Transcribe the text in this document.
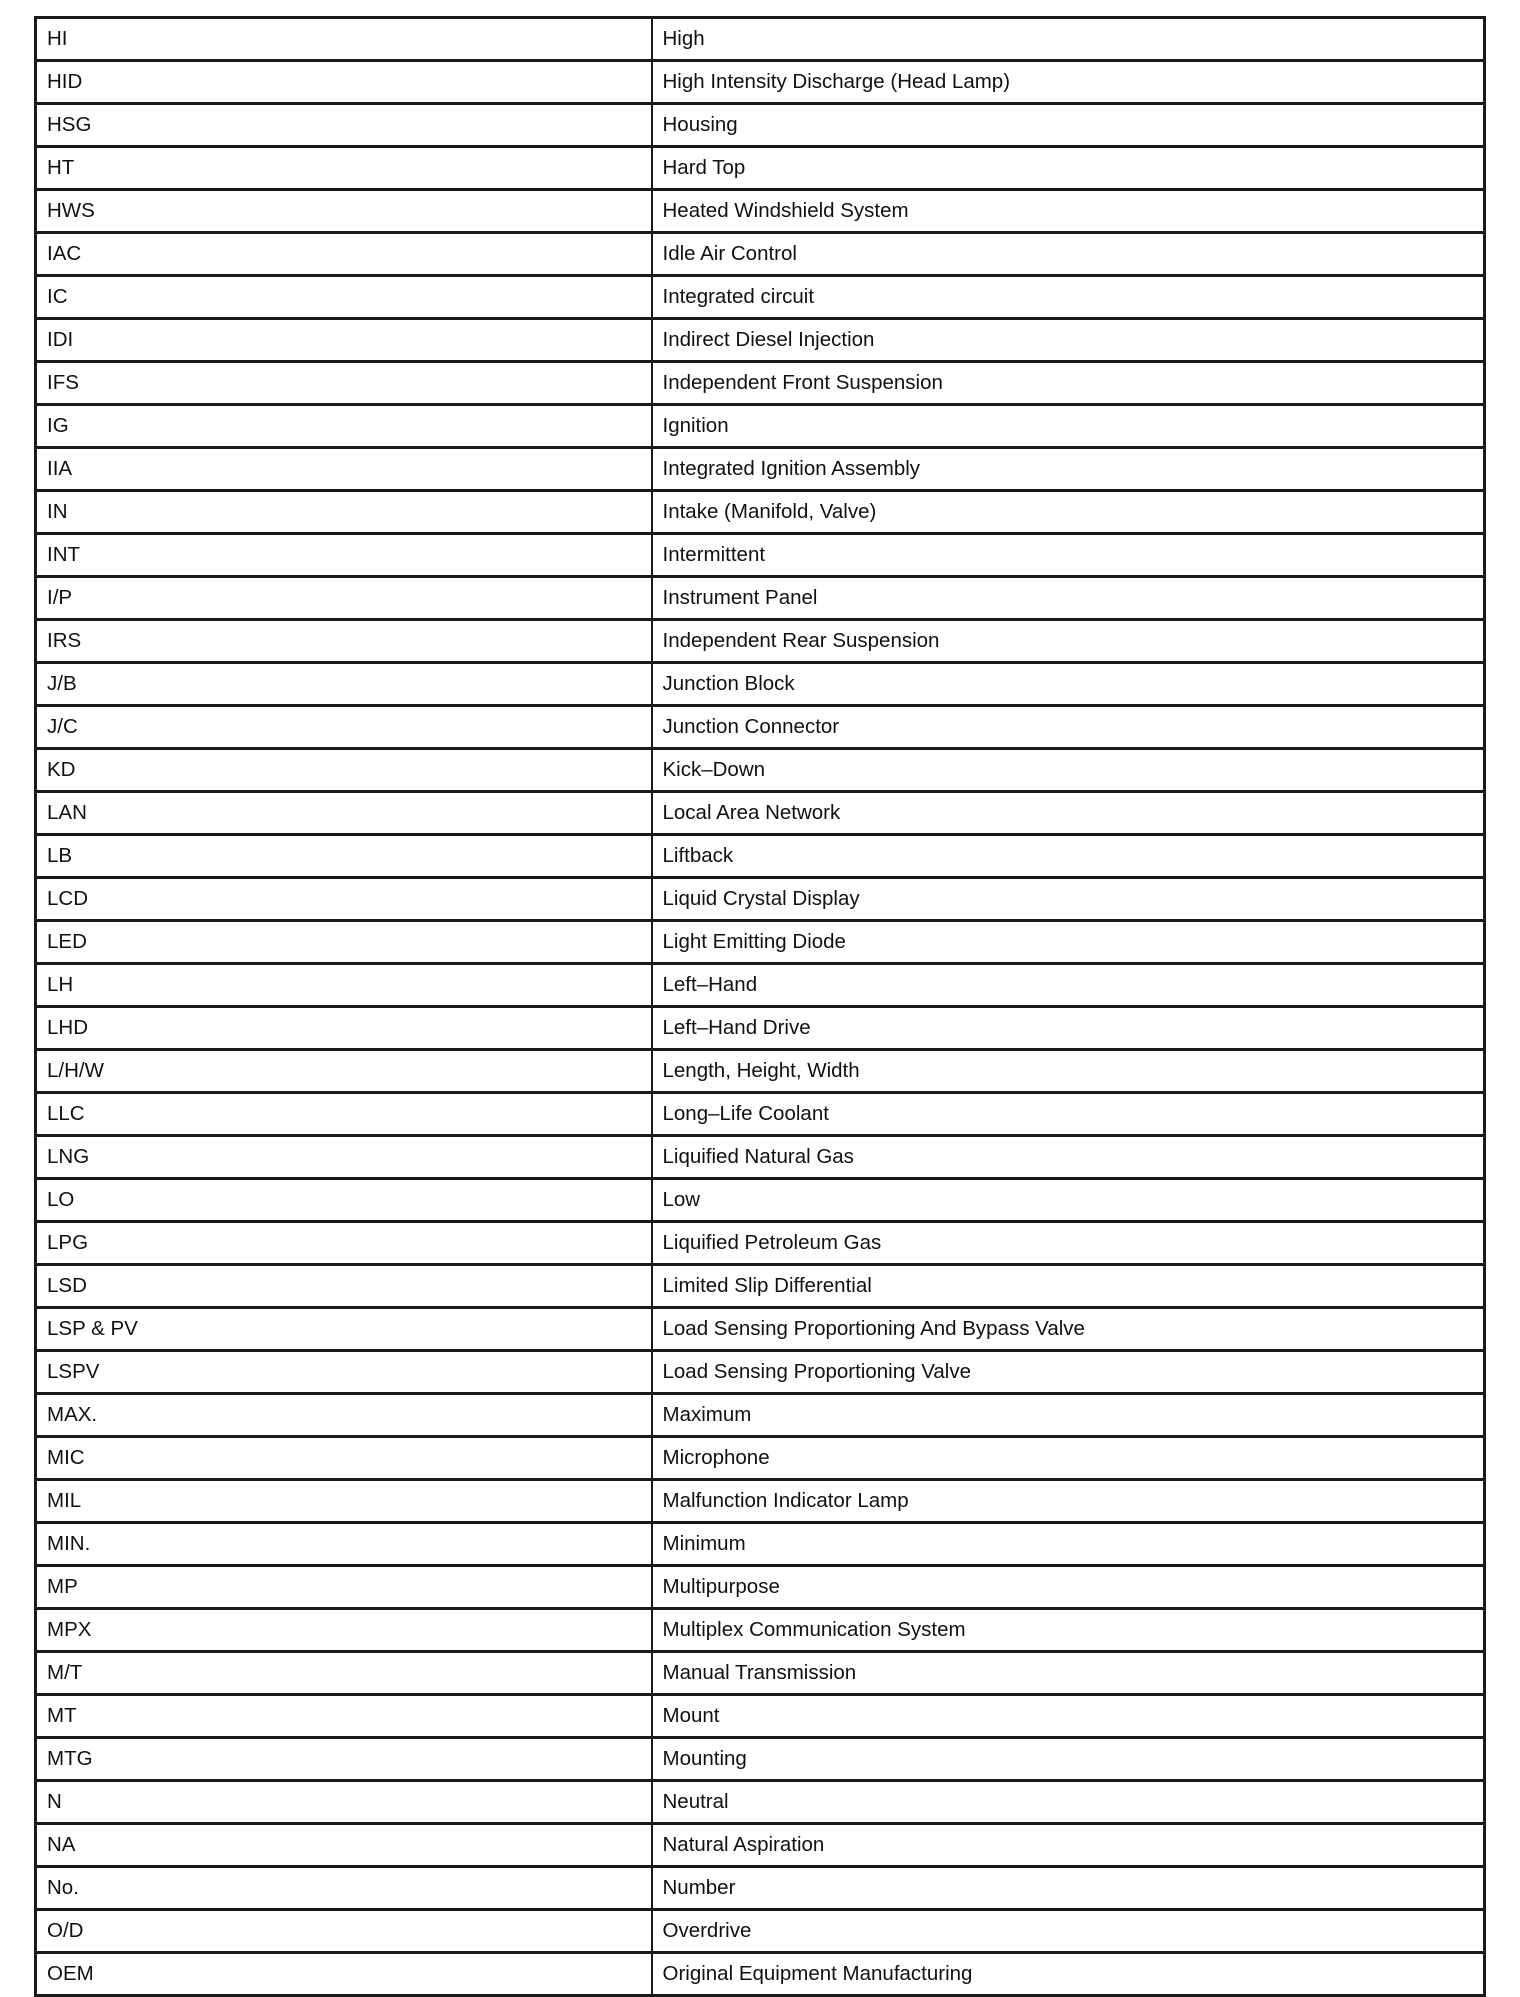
HI	High
HID	High Intensity Discharge (Head Lamp)
HSG	Housing
HT	Hard Top
HWS	Heated Windshield System
IAC	Idle Air Control
IC	Integrated circuit
IDI	Indirect Diesel Injection
IFS	Independent Front Suspension
IG	Ignition
IIA	Integrated Ignition Assembly
IN	Intake (Manifold, Valve)
INT	Intermittent
I/P	Instrument Panel
IRS	Independent Rear Suspension
J/B	Junction Block
J/C	Junction Connector
KD	Kick–Down
LAN	Local Area Network
LB	Liftback
LCD	Liquid Crystal Display
LED	Light Emitting Diode
LH	Left–Hand
LHD	Left–Hand Drive
L/H/W	Length, Height, Width
LLC	Long–Life Coolant
LNG	Liquified Natural Gas
LO	Low
LPG	Liquified Petroleum Gas
LSD	Limited Slip Differential
LSP & PV	Load Sensing Proportioning And Bypass Valve
LSPV	Load Sensing Proportioning Valve
MAX.	Maximum
MIC	Microphone
MIL	Malfunction Indicator Lamp
MIN.	Minimum
MP	Multipurpose
MPX	Multiplex Communication System
M/T	Manual Transmission
MT	Mount
MTG	Mounting
N	Neutral
NA	Natural Aspiration
No.	Number
O/D	Overdrive
OEM	Original Equipment Manufacturing
